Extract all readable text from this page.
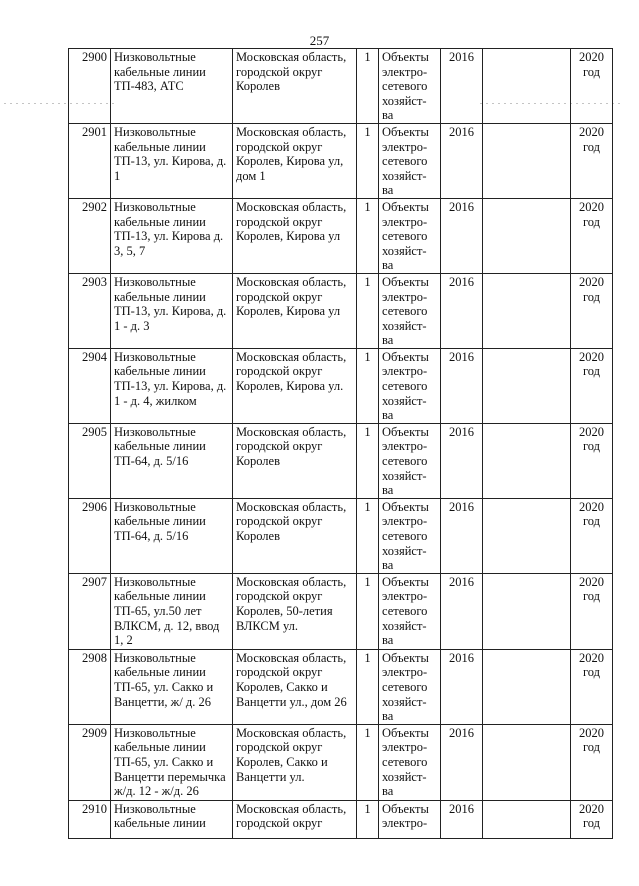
257
2900	Низковольтные кабельные линии ТП-483, АТС	Московская область, городской округ Королев	1	Объекты электро-сетевого хозяйст-ва	2016		2020 год
2901	Низковольтные кабельные линии ТП-13, ул. Кирова, д. 1	Московская область, городской округ Королев, Кирова ул, дом 1	1	Объекты электро-сетевого хозяйст-ва	2016		2020 год
2902	Низковольтные кабельные линии ТП-13, ул. Кирова д. 3, 5, 7	Московская область, городской округ Королев, Кирова ул	1	Объекты электро-сетевого хозяйст-ва	2016		2020 год
2903	Низковольтные кабельные линии ТП-13, ул. Кирова, д. 1 - д. 3	Московская область, городской округ Королев, Кирова ул	1	Объекты электро-сетевого хозяйст-ва	2016		2020 год
2904	Низковольтные кабельные линии ТП-13, ул. Кирова, д. 1 - д. 4, жилком	Московская область, городской округ Королев, Кирова ул.	1	Объекты электро-сетевого хозяйст-ва	2016		2020 год
2905	Низковольтные кабельные линии ТП-64, д. 5/16	Московская область, городской округ Королев	1	Объекты электро-сетевого хозяйст-ва	2016		2020 год
2906	Низковольтные кабельные линии ТП-64, д. 5/16	Московская область, городской округ Королев	1	Объекты электро-сетевого хозяйст-ва	2016		2020 год
2907	Низковольтные кабельные линии ТП-65, ул.50 лет ВЛКСМ, д. 12, ввод 1, 2	Московская область, городской округ Королев, 50-летия ВЛКСМ ул.	1	Объекты электро-сетевого хозяйст-ва	2016		2020 год
2908	Низковольтные кабельные линии ТП-65, ул. Сакко и Ванцетти, ж/ д. 26	Московская область, городской округ Королев, Сакко и Ванцетти ул., дом 26	1	Объекты электро-сетевого хозяйст-ва	2016		2020 год
2909	Низковольтные кабельные линии ТП-65, ул. Сакко и Ванцетти перемычка ж/д. 12 - ж/д. 26	Московская область, городской округ Королев, Сакко и Ванцетти ул.	1	Объекты электро-сетевого хозяйст-ва	2016		2020 год
2910	Низковольтные кабельные линии	Московская область, городской округ	1	Объекты электро-	2016		2020 год
